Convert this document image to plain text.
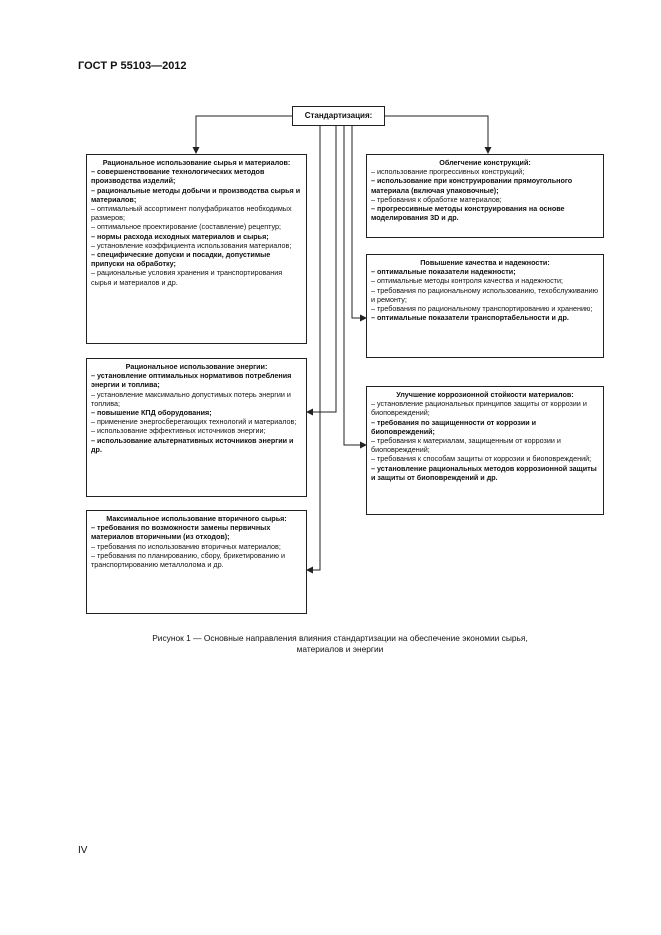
ГОСТ Р 55103—2012
Стандартизация:
Рациональное использование сырья и материалов:
– совершенствование технологических методов производства изделий;
– рациональные методы добычи и производства сырья и материалов;
– оптимальный ассортимент полуфабрикатов необходимых размеров;
– оптимальное проектирование (составление) рецептур;
– нормы расхода исходных материалов и сырья;
– установление коэффициента использования материалов;
– специфические допуски и посадки, допустимые припуски на обработку;
– рациональные условия хранения и транспортирования сырья и материалов и др.
Рациональное использование энергии:
– установление оптимальных нормативов потребления энергии и топлива;
– установление максимально допустимых потерь энергии и топлива;
– повышение КПД оборудования;
– применение энергосберегающих технологий и материалов;
– использование эффективных источников энергии;
– использование альтернативных источников энергии и др.
Максимальное использование вторичного сырья:
– требования по возможности замены первичных материалов вторичными (из отходов);
– требования по использованию вторичных материалов;
– требования по планированию, сбору, брикетированию и транспортированию металлолома и др.
Облегчение конструкций:
– использование прогрессивных конструкций;
– использование при конструировании прямоугольного материала (включая упаковочные);
– требования к обработке материалов;
– прогрессивные методы конструирования на основе моделирования 3D и др.
Повышение качества и надежности:
– оптимальные показатели надежности;
– оптимальные методы контроля качества и надежности;
– требования по рациональному использованию, техобслуживанию и ремонту;
– требования по рациональному транспортированию и хранению;
– оптимальные показатели транспортабельности и др.
Улучшение коррозионной стойкости материалов:
– установление рациональных принципов защиты от коррозии и биоповреждений;
– требования по защищенности от коррозии и биоповреждений;
– требования к материалам, защищенным от коррозии и биоповреждений;
– требования к способам защиты от коррозии и биоповреждений;
– установление рациональных методов коррозионной защиты и защиты от биоповреждений и др.
Рисунок 1 — Основные направления влияния стандартизации на обеспечение экономии сырья,
материалов и энергии
IV
